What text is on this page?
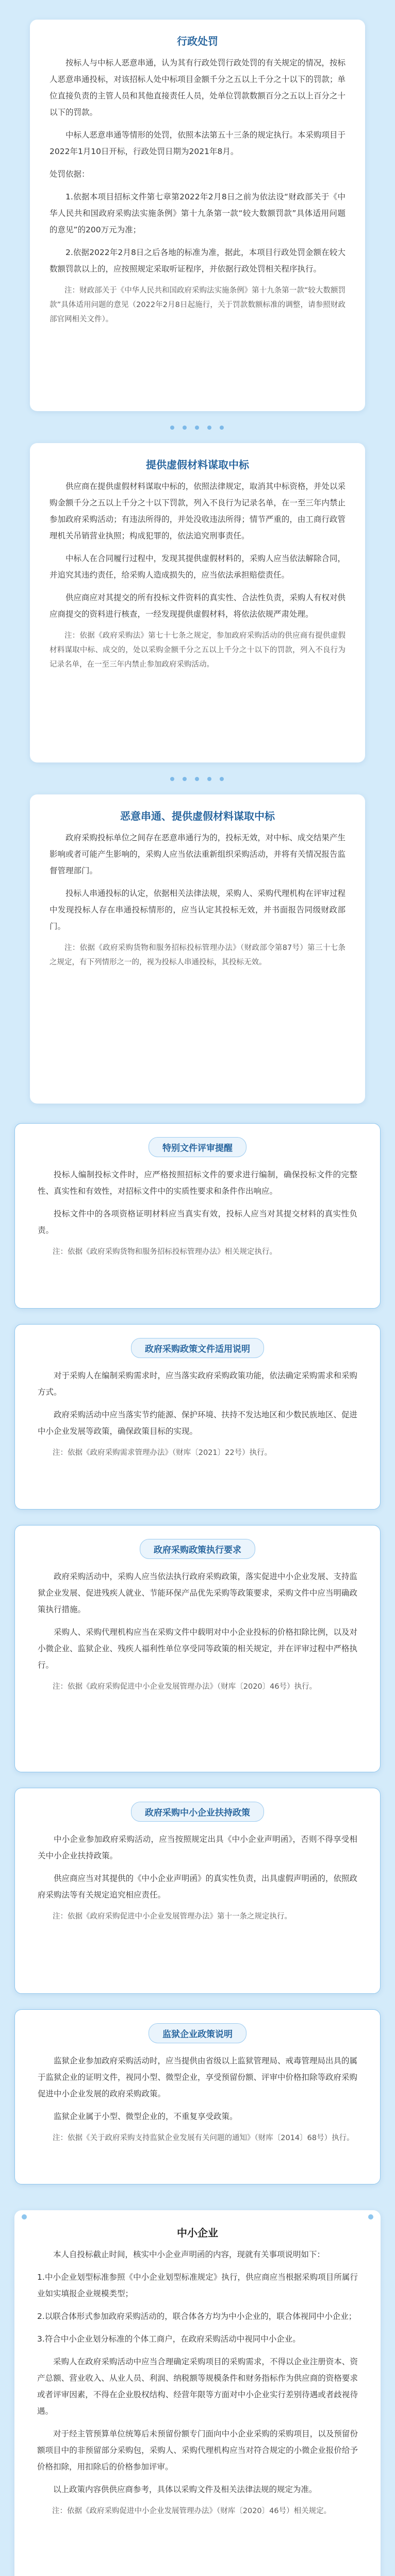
行政处罚

按标人与中标人恶意串通，认为其有行政处罚行政处罚的有关规定的情况，按标人恶意串通投标，对该招标人处中标项目金额千分之五以上千分之十以下的罚款；单位直接负责的主管人员和其他直接责任人员，处单位罚款数额百分之五以上百分之十以下的罚款。

中标人恶意串通等情形的处罚，依照本法第五十三条的规定执行。本采购项目于2022年1月10日开标，行政处罚日期为2021年8月。

处罚依据：

1.依据本项目招标文件第七章第2022年2月8日之前为依法设“财政部关于《中华人民共和国政府采购法实施条例》第十九条第一款“较大数额罚款”具体适用问题的意见”的200万元为准；

2.依据2022年2月8日之后各地的标准为准，据此，本项目行政处罚金额在较大数额罚款以上的，应按照规定采取听证程序，并依据行政处罚相关程序执行。

注：财政部关于《中华人民共和国政府采购法实施条例》第十九条第一款“较大数额罚款”具体适用问题的意见（2022年2月8日起施行，关于罚款数额标准的调整，请参照财政部官网相关文件）。

提供虚假材料谋取中标

供应商在提供虚假材料谋取中标的，依照法律规定，取消其中标资格，并处以采购金额千分之五以上千分之十以下罚款，列入不良行为记录名单，在一至三年内禁止参加政府采购活动；有违法所得的，并处没收违法所得；情节严重的，由工商行政管理机关吊销营业执照；构成犯罪的，依法追究刑事责任。

中标人在合同履行过程中，发现其提供虚假材料的，采购人应当依法解除合同，并追究其违约责任，给采购人造成损失的，应当依法承担赔偿责任。

供应商应对其提交的所有投标文件资料的真实性、合法性负责，采购人有权对供应商提交的资料进行核查，一经发现提供虚假材料，将依法依规严肃处理。

注：依据《政府采购法》第七十七条之规定，参加政府采购活动的供应商有提供虚假材料谋取中标、成交的，处以采购金额千分之五以上千分之十以下的罚款，列入不良行为记录名单，在一至三年内禁止参加政府采购活动。

恶意串通、提供虚假材料谋取中标

政府采购投标单位之间存在恶意串通行为的，投标无效，对中标、成交结果产生影响或者可能产生影响的，采购人应当依法重新组织采购活动，并将有关情况报告监督管理部门。

投标人串通投标的认定，依据相关法律法规，采购人、采购代理机构在评审过程中发现投标人存在串通投标情形的，应当认定其投标无效，并书面报告同级财政部门。

注：依据《政府采购货物和服务招标投标管理办法》（财政部令第87号）第三十七条之规定，有下列情形之一的，视为投标人串通投标，其投标无效。

特别文件评审提醒

投标人编制投标文件时，应严格按照招标文件的要求进行编制，确保投标文件的完整性、真实性和有效性，对招标文件中的实质性要求和条件作出响应。

投标文件中的各项资格证明材料应当真实有效，投标人应当对其提交材料的真实性负责。

注：依据《政府采购货物和服务招标投标管理办法》相关规定执行。

政府采购政策文件适用说明

对于采购人在编制采购需求时，应当落实政府采购政策功能，依法确定采购需求和采购方式。

政府采购活动中应当落实节约能源、保护环境、扶持不发达地区和少数民族地区、促进中小企业发展等政策，确保政策目标的实现。

注：依据《政府采购需求管理办法》（财库〔2021〕22号）执行。

政府采购政策执行要求

政府采购活动中，采购人应当依法执行政府采购政策，落实促进中小企业发展、支持监狱企业发展、促进残疾人就业、节能环保产品优先采购等政策要求，采购文件中应当明确政策执行措施。

采购人、采购代理机构应当在采购文件中载明对中小企业投标的价格扣除比例，以及对小微企业、监狱企业、残疾人福利性单位享受同等政策的相关规定，并在评审过程中严格执行。

注：依据《政府采购促进中小企业发展管理办法》（财库〔2020〕46号）执行。

政府采购中小企业扶持政策

中小企业参加政府采购活动，应当按照规定出具《中小企业声明函》，否则不得享受相关中小企业扶持政策。

供应商应当对其提供的《中小企业声明函》的真实性负责，出具虚假声明函的，依照政府采购法等有关规定追究相应责任。

注：依据《政府采购促进中小企业发展管理办法》第十一条之规定执行。

监狱企业政策说明

监狱企业参加政府采购活动时，应当提供由省级以上监狱管理局、戒毒管理局出具的属于监狱企业的证明文件，视同小型、微型企业，享受预留份额、评审中价格扣除等政府采购促进中小企业发展的政府采购政策。

监狱企业属于小型、微型企业的，不重复享受政策。

注：依据《关于政府采购支持监狱企业发展有关问题的通知》（财库〔2014〕68号）执行。

中小企业

本人自投标截止时间，核实中小企业声明函的内容，现就有关事项说明如下：

1.中小企业划型标准参照《中小企业划型标准规定》执行，供应商应当根据采购项目所属行业如实填报企业规模类型；

2.以联合体形式参加政府采购活动的，联合体各方均为中小企业的，联合体视同中小企业；

3.符合中小企业划分标准的个体工商户，在政府采购活动中视同中小企业。

采购人在政府采购活动中应当合理确定采购项目的采购需求，不得以企业注册资本、资产总额、营业收入、从业人员、利润、纳税额等规模条件和财务指标作为供应商的资格要求或者评审因素，不得在企业股权结构、经营年限等方面对中小企业实行差别待遇或者歧视待遇。

对于经主管预算单位统筹后未预留份额专门面向中小企业采购的采购项目，以及预留份额项目中的非预留部分采购包，采购人、采购代理机构应当对符合规定的小微企业报价给予价格扣除，用扣除后的价格参加评审。

以上政策内容供供应商参考，具体以采购文件及相关法律法规的规定为准。

注：依据《政府采购促进中小企业发展管理办法》（财库〔2020〕46号）相关规定。
